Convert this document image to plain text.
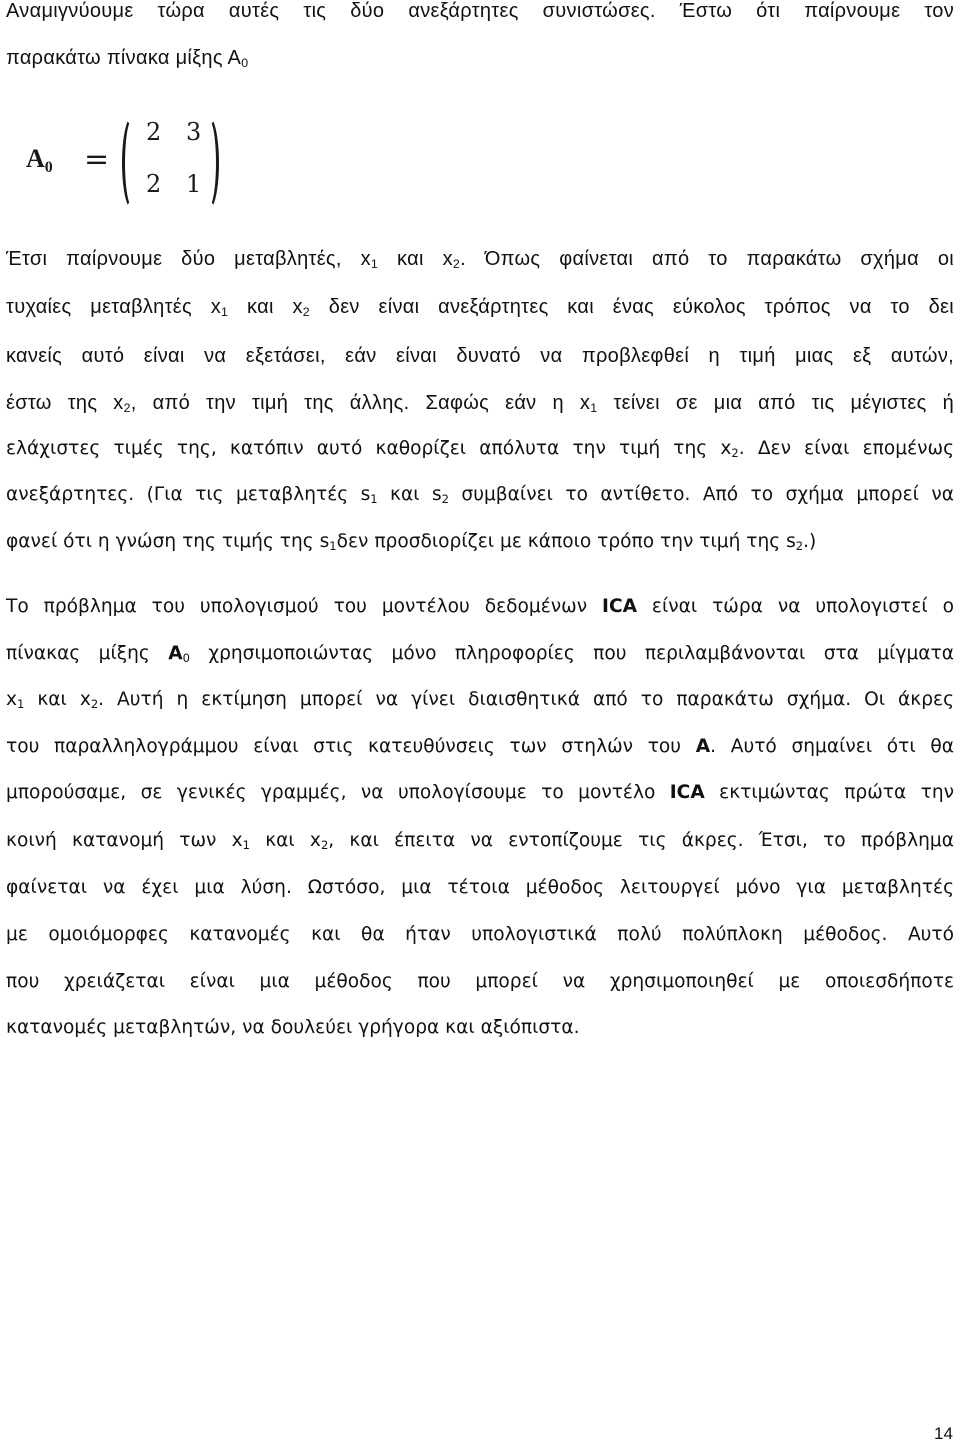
Αναμιγνύουμε τώρα αυτές τις δύο ανεξάρτητες συνιστώσες. Έστω ότι παίρνουμε τον
παρακάτω πίνακα μίξης $A_0$
$A_0$ =
2 3
2 1
Έτσι παίρνουμε δύο μεταβλητές, $x_1$ και $x_2$. Όπως φαίνεται από το παρακάτω σχήμα οι
τυχαίες μεταβλητές $x_1$ και $x_2$ δεν είναι ανεξάρτητες και ένας εύκολος τρόπος να το δει
κανείς αυτό είναι να εξετάσει, εάν είναι δυνατό να προβλεφθεί η τιμή μιας εξ αυτών,
έστω της $x_2$, από την τιμή της άλλης. Σαφώς εάν η $x_1$ τείνει σε μια από τις μέγιστες ή
ελάχιστες τιμές της, κατόπιν αυτό καθορίζει απόλυτα την τιμή της $x_2$. Δεν είναι επομένως
ανεξάρτητες. (Για τις μεταβλητές $s_1$ και $s_2$ συμβαίνει το αντίθετο. Από το σχήμα μπορεί να
φανεί ότι η γνώση της τιμής της $s_1\delta\varepsilon\nu$ προσδιορίζει με κάποιο τρόπο την τιμή της $s_2$.)
Το πρόβλημα του υπολογισμού του μοντέλου δεδομένων ICA είναι τώρα να υπολογιστεί ο
πίνακας μίξης $A_0$ χρησιμοποιώντας μόνο πληροφορίες που περιλαμβάνονται στα μίγματα
$x_1$ και $x_2$. Αυτή η εκτίμηση μπορεί να γίνει διαισθητικά από το παρακάτω σχήμα. Οι άκρες
του παραλληλογράμμου είναι στις κατευθύνσεις των στηλών του A. Αυτό σημαίνει ότι θα
μπορούσαμε, σε γενικές γραμμές, να υπολογίσουμε το μοντέλο ICA εκτιμώντας πρώτα την
κοινή κατανομή των $x_1$ και $x_2$, και έπειτα να εντοπίζουμε τις άκρες. Έτσι, το πρόβλημα
φαίνεται να έχει μια λύση. Ωστόσο, μια τέτοια μέθοδος λειτουργεί μόνο για μεταβλητές
με ομοιόμορφες κατανομές και θα ήταν υπολογιστικά πολύ πολύπλοκη μέθοδος. Αυτό
που χρειάζεται είναι μια μέθοδος που μπορεί να χρησιμοποιηθεί με οποιεσδήποτε
κατανομές μεταβλητών, να δουλεύει γρήγορα και αξιόπιστα.
14
